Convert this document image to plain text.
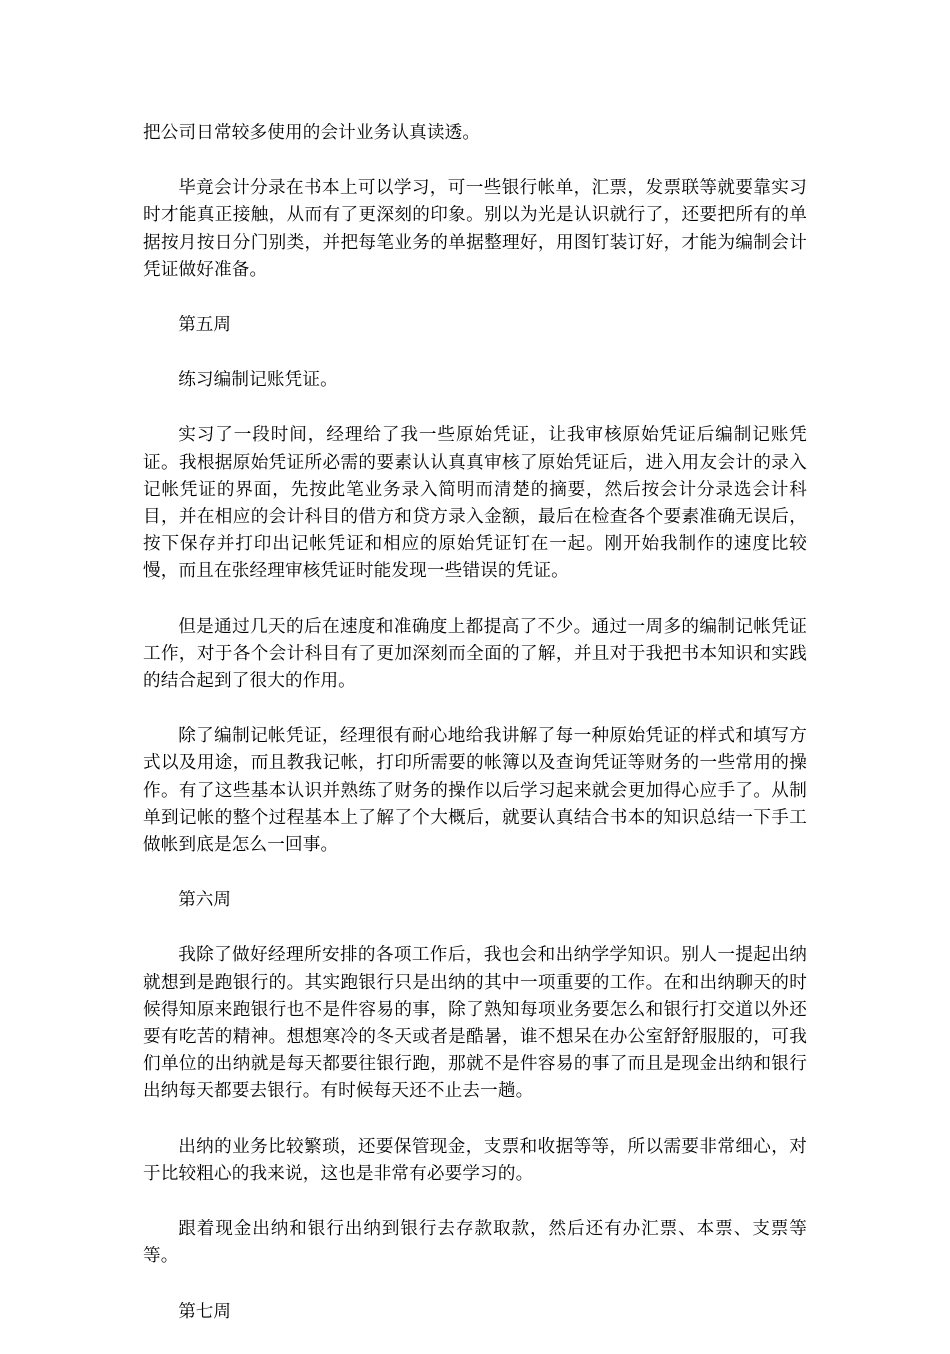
把公司日常较多使用的会计业务认真读透。

毕竟会计分录在书本上可以学习，可一些银行帐单，汇票，发票联等就要靠实习时才能真正接触，从而有了更深刻的印象。别以为光是认识就行了，还要把所有的单据按月按日分门别类，并把每笔业务的单据整理好，用图钉装订好，才能为编制会计凭证做好准备。

第五周

练习编制记账凭证。

实习了一段时间，经理给了我一些原始凭证，让我审核原始凭证后编制记账凭证。我根据原始凭证所必需的要素认认真真审核了原始凭证后，进入用友会计的录入记帐凭证的界面，先按此笔业务录入简明而清楚的摘要，然后按会计分录选会计科目，并在相应的会计科目的借方和贷方录入金额，最后在检查各个要素准确无误后，按下保存并打印出记帐凭证和相应的原始凭证钉在一起。刚开始我制作的速度比较慢，而且在张经理审核凭证时能发现一些错误的凭证。

但是通过几天的后在速度和准确度上都提高了不少。通过一周多的编制记帐凭证工作，对于各个会计科目有了更加深刻而全面的了解，并且对于我把书本知识和实践的结合起到了很大的作用。

除了编制记帐凭证，经理很有耐心地给我讲解了每一种原始凭证的样式和填写方式以及用途，而且教我记帐，打印所需要的帐簿以及查询凭证等财务的一些常用的操作。有了这些基本认识并熟练了财务的操作以后学习起来就会更加得心应手了。从制单到记帐的整个过程基本上了解了个大概后，就要认真结合书本的知识总结一下手工做帐到底是怎么一回事。

第六周

我除了做好经理所安排的各项工作后，我也会和出纳学学知识。别人一提起出纳就想到是跑银行的。其实跑银行只是出纳的其中一项重要的工作。在和出纳聊天的时候得知原来跑银行也不是件容易的事，除了熟知每项业务要怎么和银行打交道以外还要有吃苦的精神。想想寒冷的冬天或者是酷暑，谁不想呆在办公室舒舒服服的，可我们单位的出纳就是每天都要往银行跑，那就不是件容易的事了而且是现金出纳和银行出纳每天都要去银行。有时候每天还不止去一趟。

出纳的业务比较繁琐，还要保管现金，支票和收据等等，所以需要非常细心，对于比较粗心的我来说，这也是非常有必要学习的。

跟着现金出纳和银行出纳到银行去存款取款，然后还有办汇票、本票、支票等等。

第七周
